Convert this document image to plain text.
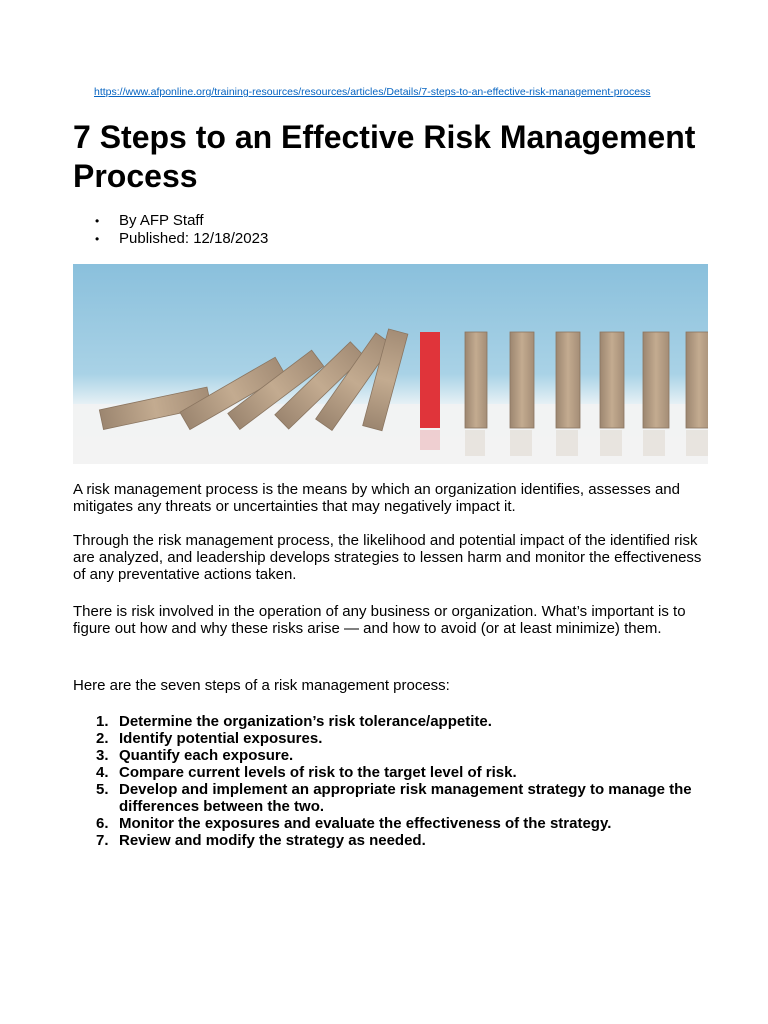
https://www.afponline.org/training-resources/resources/articles/Details/7-steps-to-an-effective-risk-management-process
7 Steps to an Effective Risk Management Process
• By AFP Staff
• Published: 12/18/2023

A risk management process is the means by which an organization identifies, assesses and mitigates any threats or uncertainties that may negatively impact it.

Through the risk management process, the likelihood and potential impact of the identified risk are analyzed, and leadership develops strategies to lessen harm and monitor the effectiveness of any preventative actions taken.

There is risk involved in the operation of any business or organization. What’s important is to figure out how and why these risks arise — and how to avoid (or at least minimize) them.

Here are the seven steps of a risk management process:

1. Determine the organization’s risk tolerance/appetite.
2. Identify potential exposures.
3. Quantify each exposure.
4. Compare current levels of risk to the target level of risk.
5. Develop and implement an appropriate risk management strategy to manage the differences between the two.
6. Monitor the exposures and evaluate the effectiveness of the strategy.
7. Review and modify the strategy as needed.
